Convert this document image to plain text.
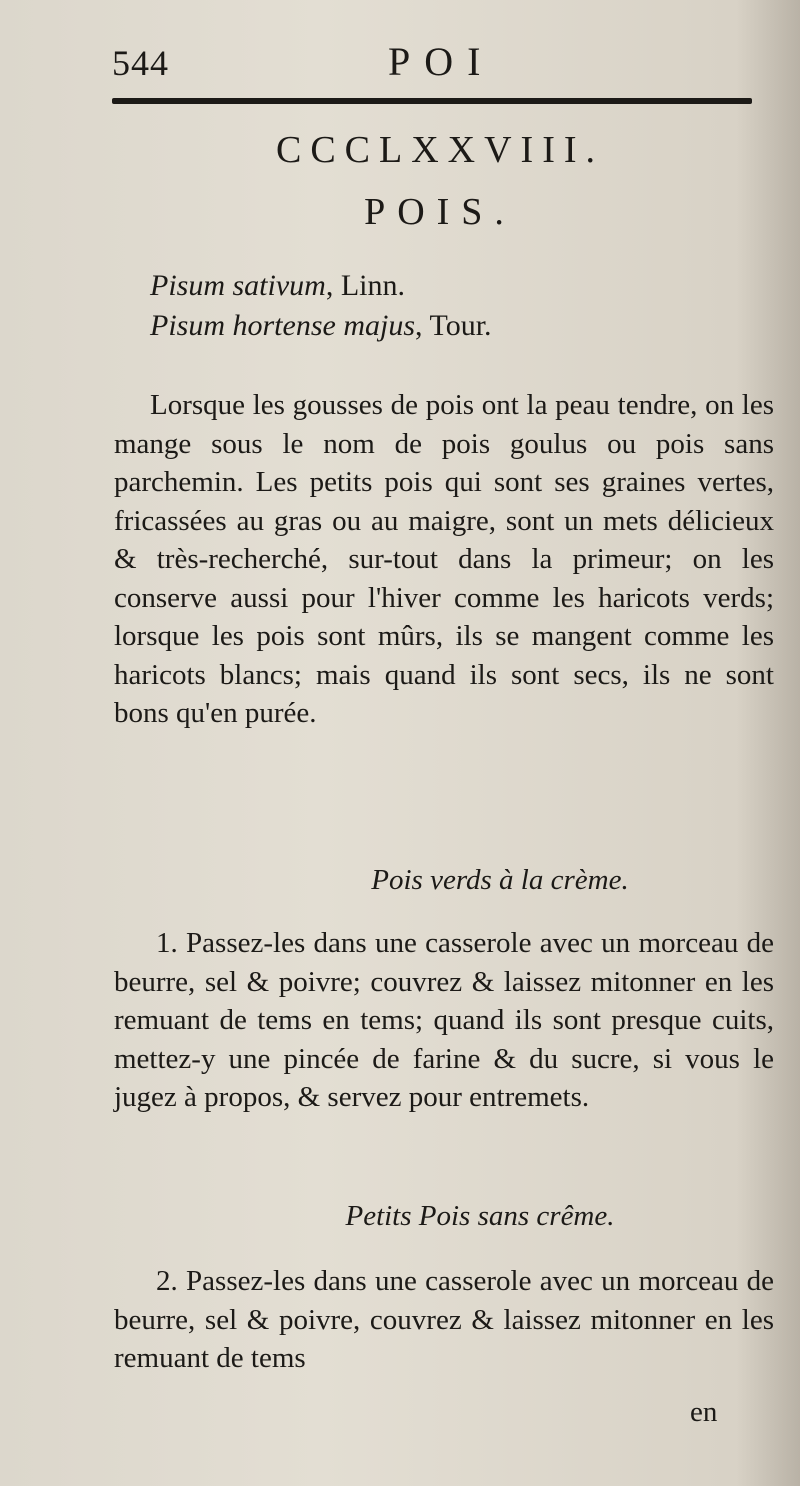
544	POI
CCCLXXVIII.
POIS.
Pisum sativum, Linn.
Pisum hortense majus, Tour.

Lorsque les gousses de pois ont la peau tendre, on les mange sous le nom de pois goulus ou pois sans parchemin. Les petits pois qui sont ses graines vertes, fricassées au gras ou au maigre, sont un mets délicieux & très-recherché, sur-tout dans la primeur; on les conserve aussi pour l'hiver comme les haricots verds; lorsque les pois sont mûrs, ils se mangent comme les haricots blancs; mais quand ils sont secs, ils ne sont bons qu'en purée.

Pois verds à la crème.

1. Passez-les dans une casserole avec un morceau de beurre, sel & poivre; couvrez & laissez mitonner en les remuant de tems en tems; quand ils sont presque cuits, mettez-y une pincée de farine & du sucre, si vous le jugez à propos, & servez pour entremets.

Petits Pois sans crême.

2. Passez-les dans une casserole avec un morceau de beurre, sel & poivre, couvrez & laissez mitonner en les remuant de tems

en
